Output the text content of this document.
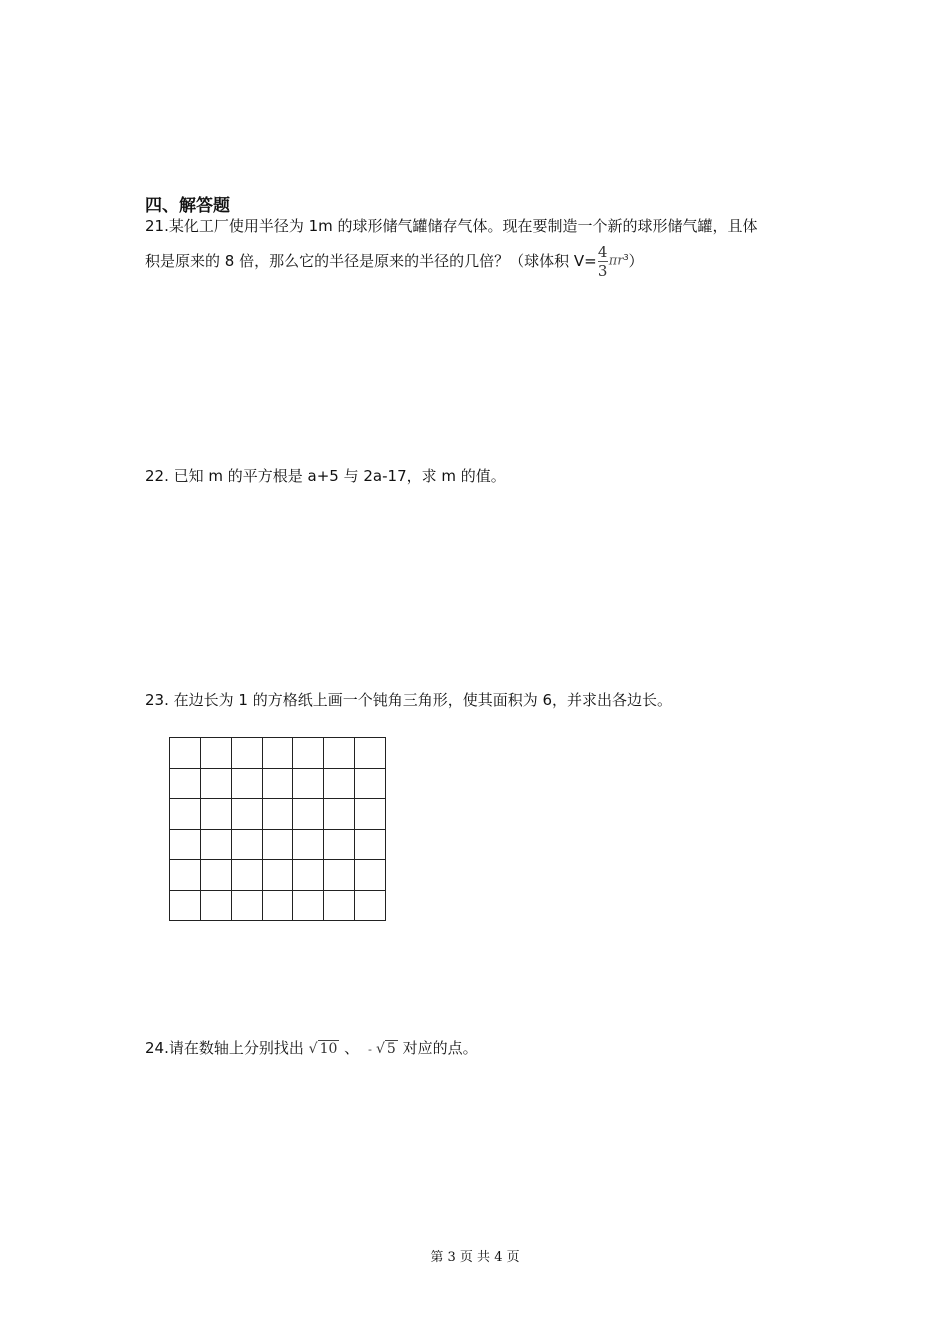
四、解答题
21.某化工厂使用半径为 1m 的球形储气罐储存气体。现在要制造一个新的球形储气罐，且体
积是原来的 8 倍，那么它的半径是原来的半径的几倍？（球体积 $V= \frac{4}{3} \pi r^3$）
22. 已知 m 的平方根是 a+5 与 2a-17，求 m 的值。
23. 在边长为 1 的方格纸上画一个钝角三角形，使其面积为 6，并求出各边长。

24.请在数轴上分别找出 √ 10 、 - √ 5 对应的点。
第 3 页 共 4 页
